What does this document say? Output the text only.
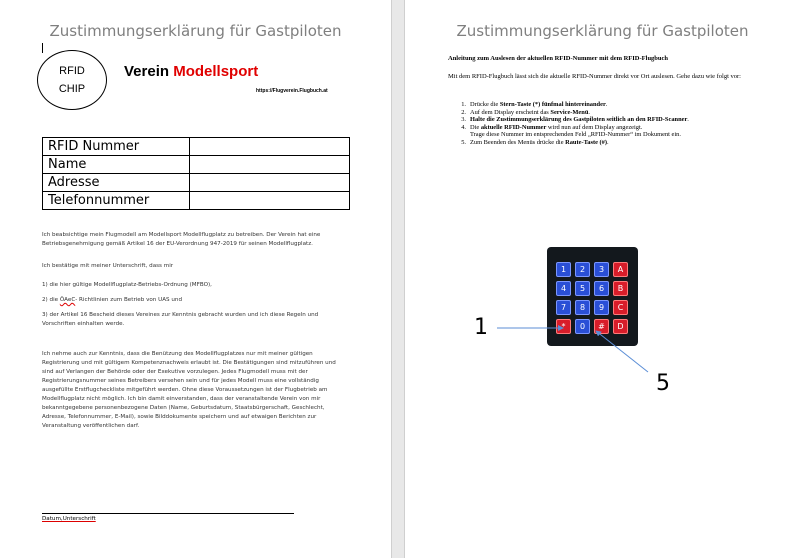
Zustimmungserklärung für Gastpiloten
RFID
CHIP
Verein Modellsport
https://Flugverein.Flugbuch.at
RFID Nummer	
Name	
Adresse	
Telefonnummer	
Ich beabsichtige mein Flugmodell am Modellsport Modellflugplatz zu betreiben. Der Verein hat eine Betriebsgenehmigung gemäß Artikel 16 der EU-Verordnung 947-2019 für seinen Modellflugplatz.
Ich bestätige mit meiner Unterschrift, dass mir
1) die hier gültige Modellflugplatz-Betriebs-Ordnung (MFBO),
2) die ÖAeC- Richtlinien zum Betrieb von UAS und
3) der Artikel 16 Bescheid dieses Vereines zur Kenntnis gebracht wurden und ich diese Regeln und Vorschriften einhalten werde.
Ich nehme auch zur Kenntnis, dass die Benützung des Modellflugplatzes nur mit meiner gültigen Registrierung und mit gültigem Kompetenznachweis erlaubt ist. Die Bestätigungen sind mitzuführen und sind auf Verlangen der Behörde oder der Exekutive vorzulegen. Jedes Flugmodell muss mit der Registrierungsnummer seines Betreibers versehen sein und für jedes Modell muss eine vollständig ausgefüllte Erstflugcheckliste mitgeführt werden. Ohne diese Voraussetzungen ist der Flugbetrieb am Modellflugplatz nicht möglich. Ich bin damit einverstanden, dass der veranstaltende Verein von mir bekanntgegebene personenbezogene Daten (Name, Geburtsdatum, Staatsbürgerschaft, Geschlecht, Adresse, Telefonnummer, E-Mail), sowie Bilddokumente speichern und auf etwaigen Berichten zur Veranstaltung veröffentlichen darf.
Datum,Unterschrift
Zustimmungserklärung für Gastpiloten
Anleitung zum Auslesen der aktuellen RFID-Nummer mit dem RFID-Flugbuch
Mit dem RFID-Flugbuch lässt sich die aktuelle RFID-Nummer direkt vor Ort auslesen. Gehe dazu wie folgt vor:
1. Drücke die Stern-Taste (*) fünfmal hintereinander.
2. Auf dem Display erscheint das Service-Menü.
3. Halte die Zustimmungserklärung des Gastpiloten seitlich an den RFID-Scanner.
4. Die aktuelle RFID-Nummer wird nun auf dem Display angezeigt.
Trage diese Nummer im entsprechenden Feld „RFID-Nummer“ im Dokument ein.
5. Zum Beenden des Menüs drücke die Raute-Taste (#).
1	2	3	A
4	5	6	B
7	8	9	C
*	0	#	D
1
5
